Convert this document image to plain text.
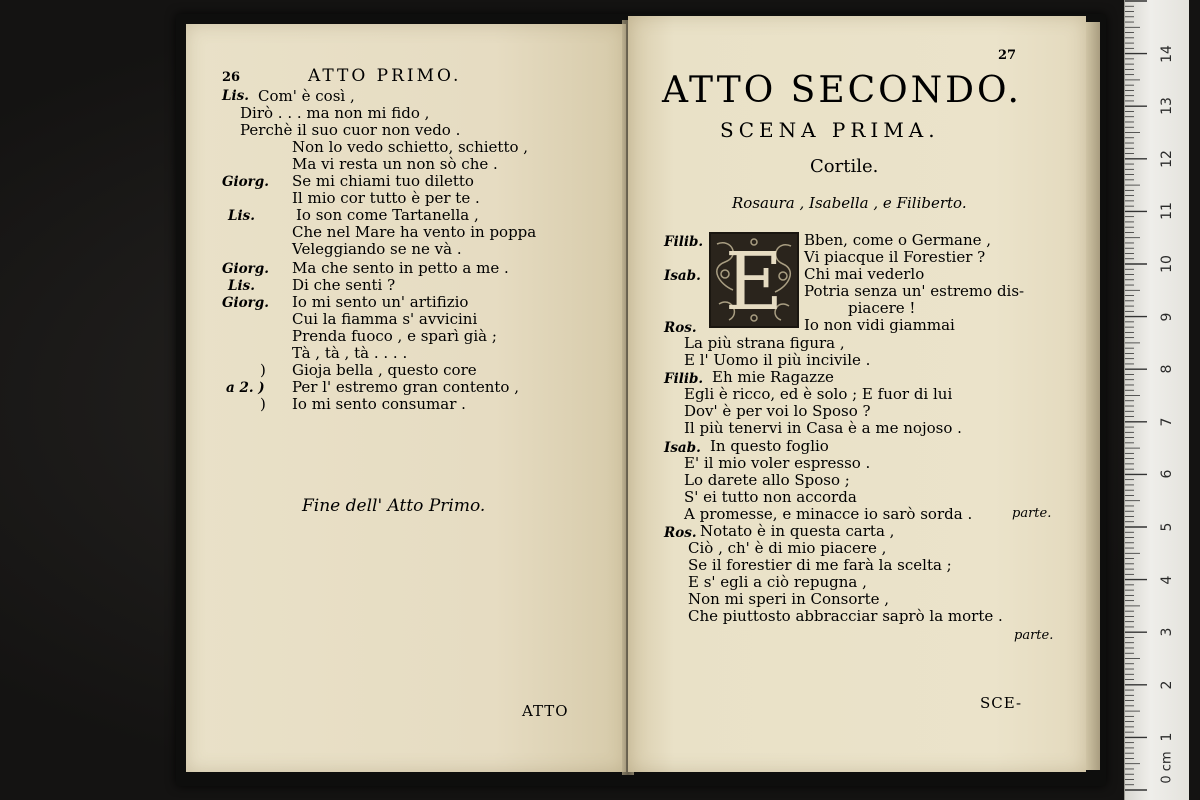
26	ATTO PRIMO.
Lis. Com' è così ,
Dirò . . . ma non mi fido ,
Perchè il suo cuor non vedo .
Non lo vedo schietto, schietto ,
Ma vi resta un non sò che .
Giorg. Se mi chiami tuo diletto
Il mio cor tutto è per te .
Lis.	Io son come Tartanella ,
Che nel Mare ha vento in poppa
Veleggiando se ne và .
Giorg. Ma che sento in petto a me .
Lis. Di che senti ?
Giorg. Io mi sento un' artifizio
Cui la fiamma s' avvicini
Prenda fuoco , e sparì già ;
Tà , tà , tà . . . .
) Gioja bella , questo core
a 2. ) Per l' estremo gran contento ,
) Io mi sento consumar .
Fine dell' Atto Primo.
ATTO
27
ATTO SECONDO.
SCENA PRIMA.
Cortile.
Rosaura , Isabella , e Filiberto.
E
Filib.	Bben, come o Germane ,
Vi piacque il Forestier ?
Isab.	Chi mai vederlo
Potria senza un' estremo dis-
piacere !
Ros.	Io non vidi giammai
La più strana figura ,
E l' Uomo il più incivile .
Filib. Eh mie Ragazze
Egli è ricco, ed è solo ; E fuor di lui
Dov' è per voi lo Sposo ?
Il più tenervi in Casa è a me nojoso .
Isab. In questo foglio
E' il mio voler espresso .
Lo darete allo Sposo ;
S' ei tutto non accorda
A promesse, e minacce io sarò sorda .
Ros. Notato è in questa carta ,
Ciò , ch' è di mio piacere ,
Se il forestier di me farà la scelta ;
E s' egli a ciò repugna ,
Non mi speri in Consorte ,
Che piuttosto abbracciar saprò la morte .
parte.
parte.
SCE-
1
2
3
4
5
6
7
8
9
10
11
12
13
14
0 cm
